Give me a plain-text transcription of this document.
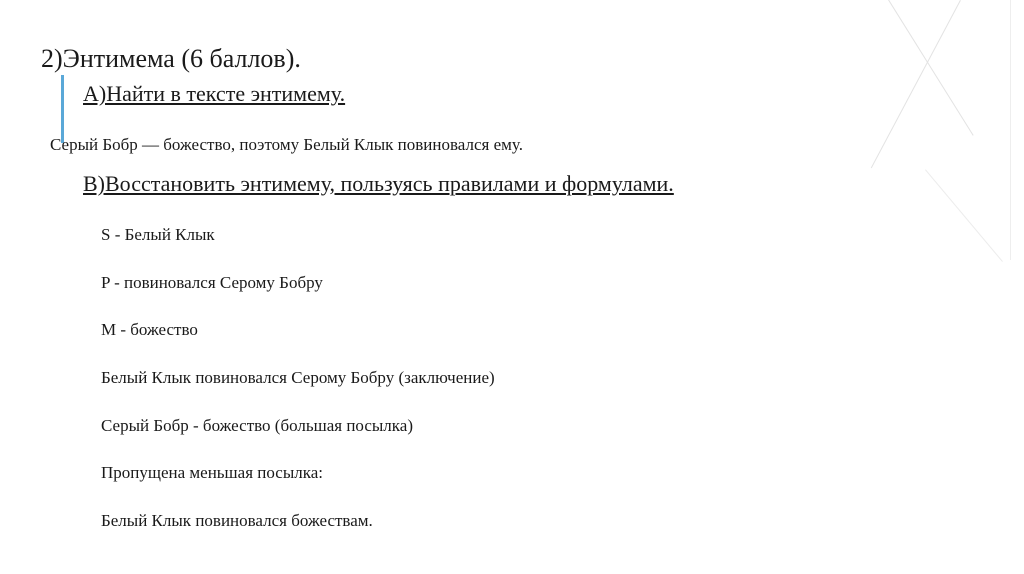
2)Энтимема (6 баллов).
А)Найти в тексте энтимему.
Серый Бобр — божество, поэтому Белый Клык повиновался ему.
В)Восстановить энтимему, пользуясь правилами и формулами.
S - Белый Клык
P - повиновался Серому Бобру
M - божество
Белый Клык повиновался Серому Бобру (заключение)
Серый Бобр - божество (большая посылка)
Пропущена меньшая посылка:
Белый Клык повиновался божествам.
